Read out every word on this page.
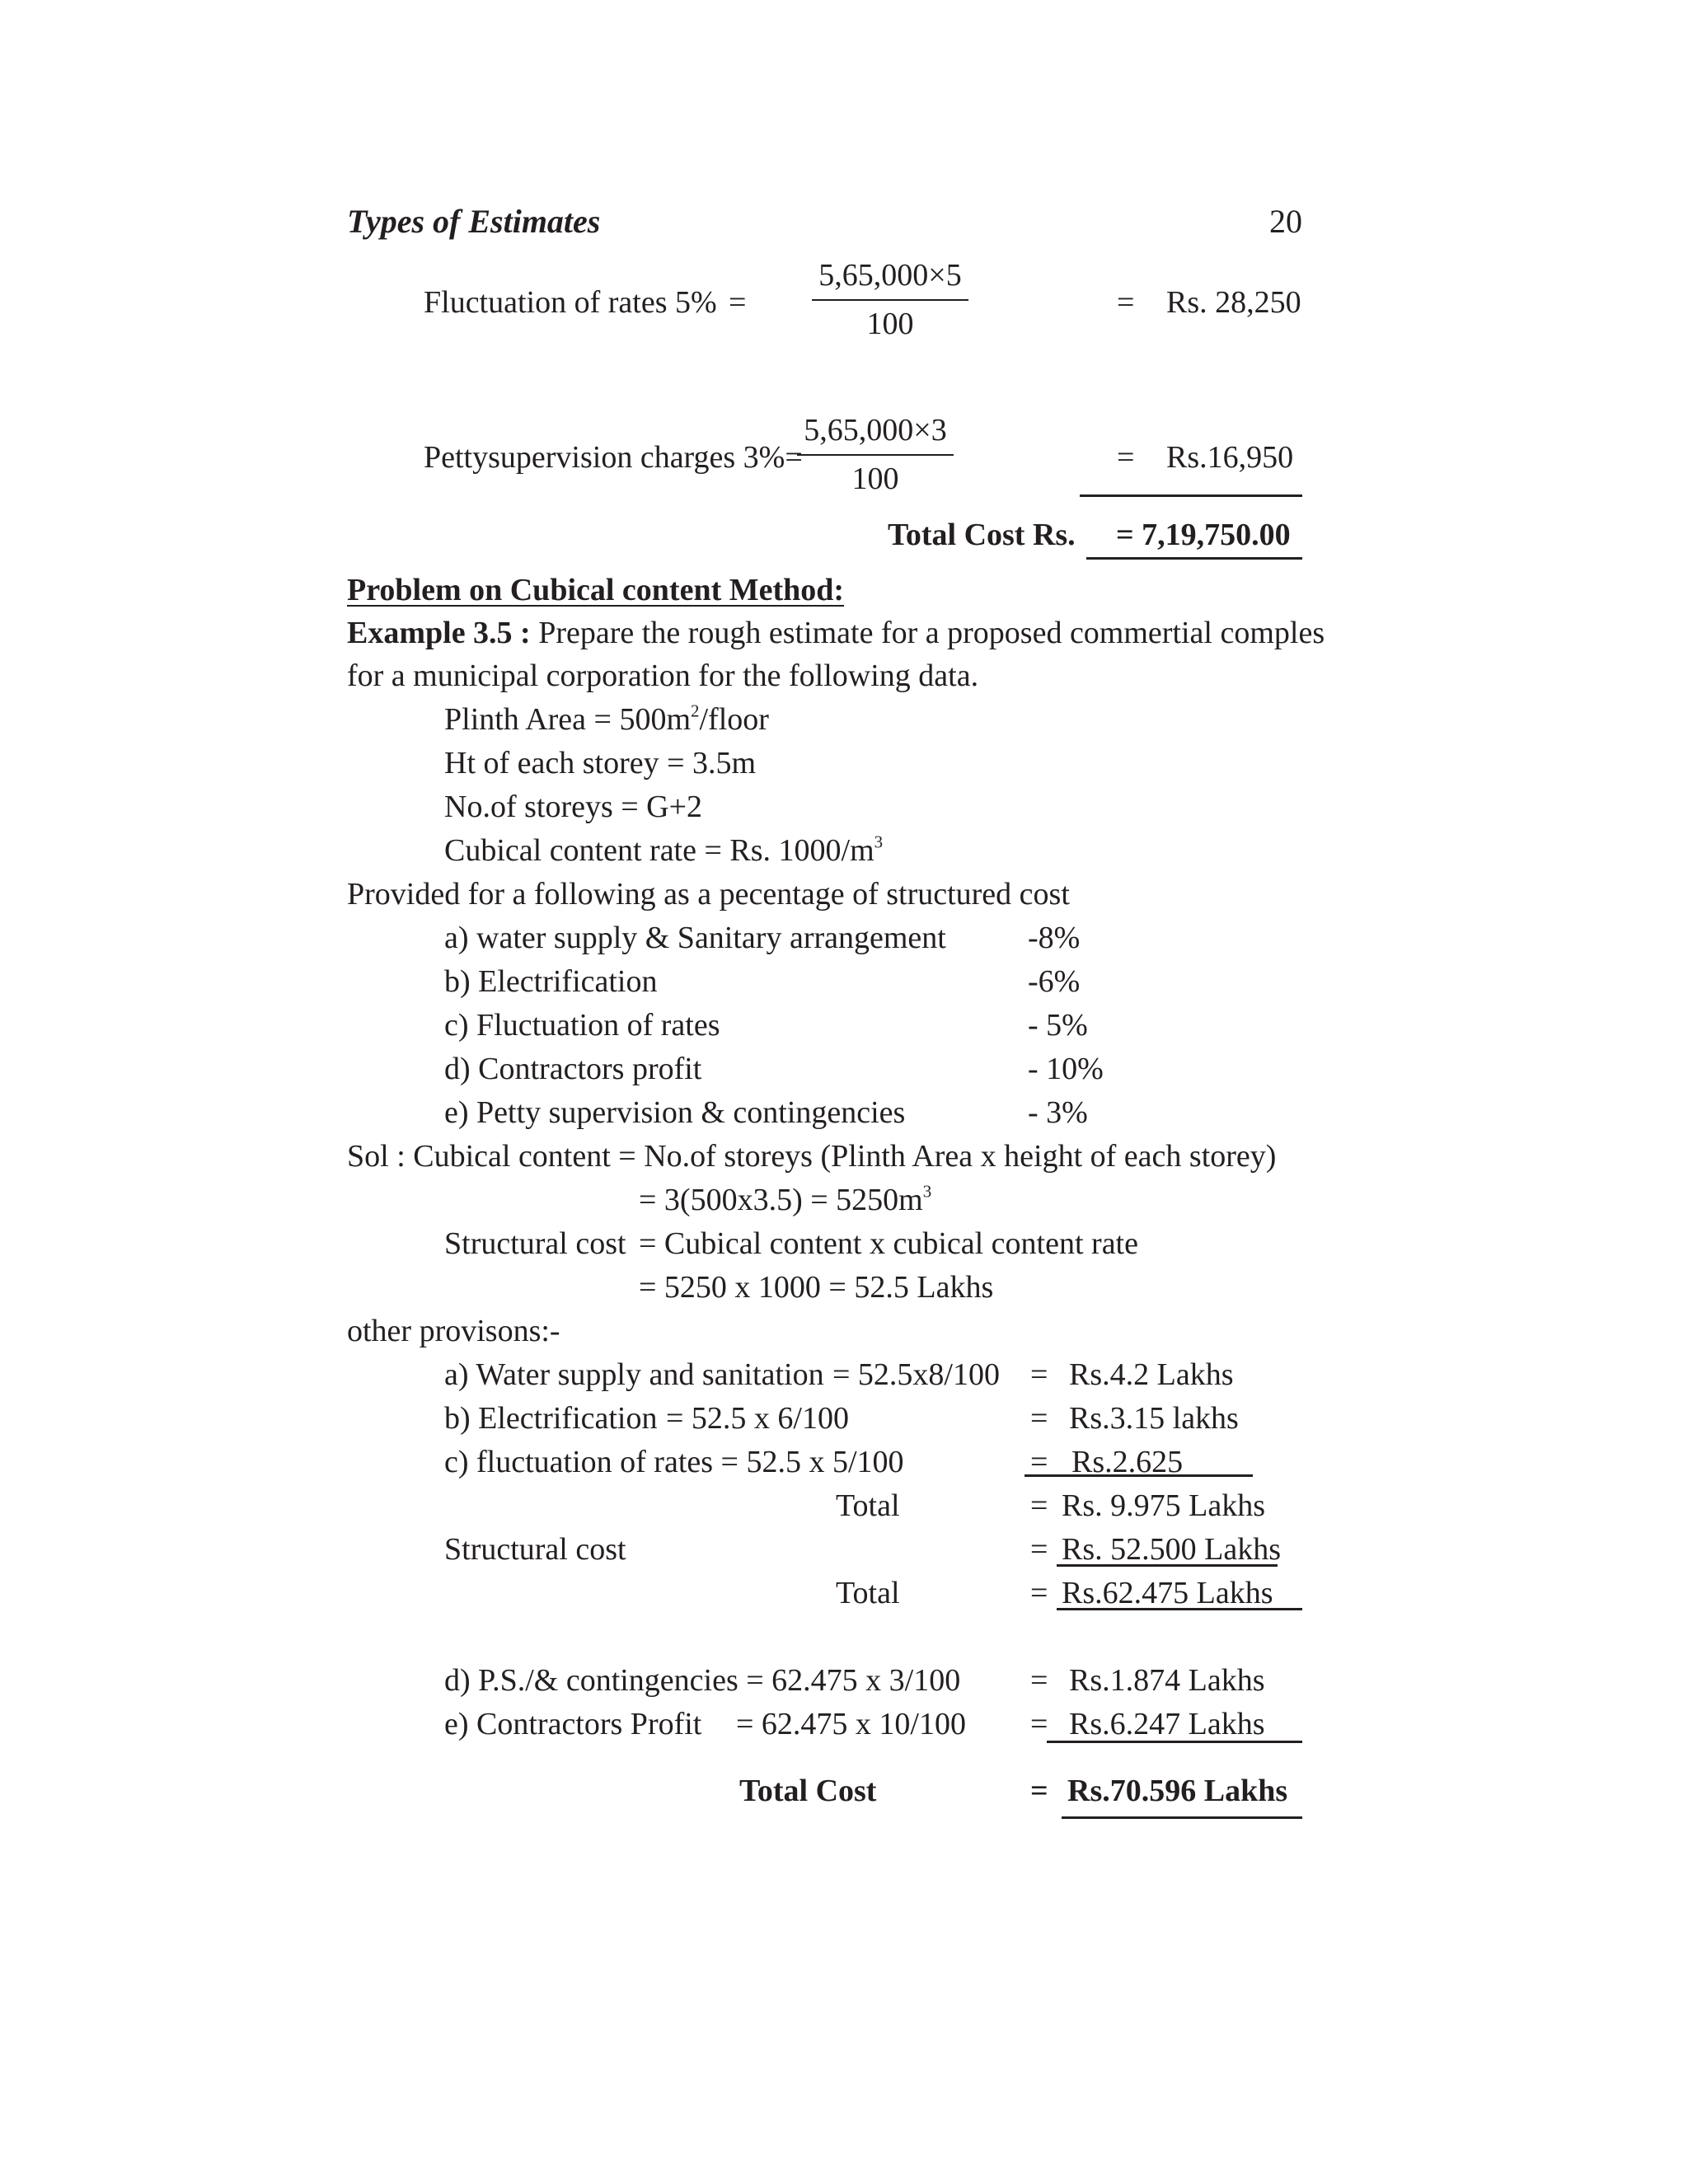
Types of Estimates	20
Fluctuation of rates 5% =
5,65,000×5
100
= Rs. 28,250
Pettysupervision charges 3%=
5,65,000×3
100
= Rs.16,950
Total Cost Rs. = 7,19,750.00
Problem on Cubical content Method:
Example 3.5 : Prepare the rough estimate for a proposed commertial comples
for a municipal corporation for the following data.
Plinth Area = $500m^2$/floor
Ht of each storey = 3.5m
No.of storeys = G+2
Cubical content rate = Rs. $1000/m^3$
Provided for a following as a pecentage of structured cost
a) water supply & Sanitary arrangement	-8%
b) Electrification	-6%
c) Fluctuation of rates	- 5%
d) Contractors profit	- 10%
e) Petty supervision & contingencies	- 3%
Sol : Cubical content = No.of storeys (Plinth Area x height of each storey)
= $3(500x3.5) = 5250m^3$
Structural cost = Cubical content x cubical content rate
= 5250 x 1000 = 52.5 Lakhs
other provisons:-
a) Water supply and sanitation = 52.5x8/100 = Rs.4.2 Lakhs
b) Electrification = 52.5 x 6/100	= Rs.3.15 lakhs
c) fluctuation of rates = 52.5 x 5/100	= Rs.2.625
Total	= Rs. 9.975 Lakhs
Structural cost	= Rs. 52.500 Lakhs
Total	= Rs.62.475 Lakhs
d) P.S./& contingencies = 62.475 x 3/100 = Rs.1.874 Lakhs
e) Contractors Profit = 62.475 x 10/100 = Rs.6.247 Lakhs
Total Cost	= Rs.70.596 Lakhs
